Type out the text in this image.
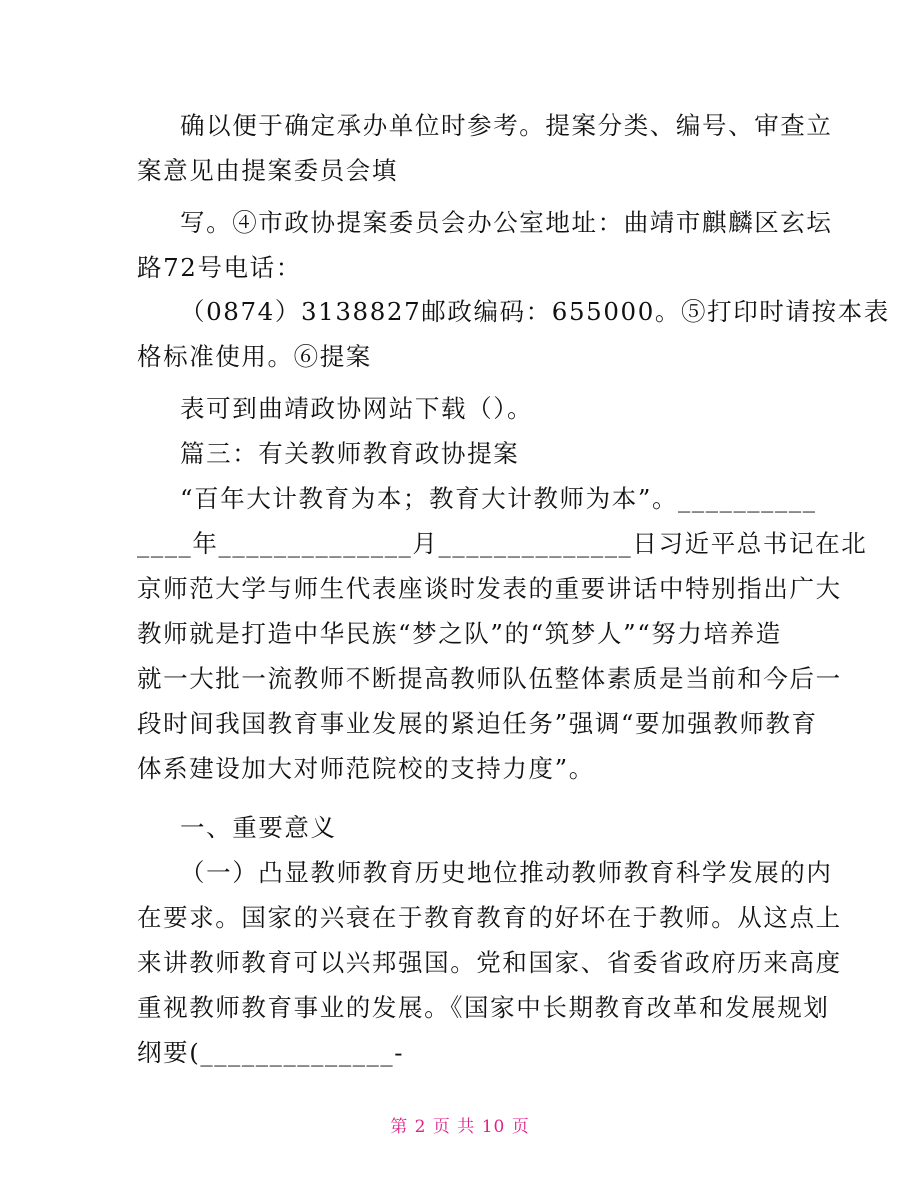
确以便于确定承办单位时参考。提案分类、编号、审查立
案意见由提案委员会填
写。④市政协提案委员会办公室地址：曲靖市麒麟区玄坛
路72号电话：
（0874）3138827邮政编码：655000。⑤打印时请按本表
格标准使用。⑥提案
表可到曲靖政协网站下载（）。
篇三：有关教师教育政协提案
“百年大计教育为本；教育大计教师为本”。__________
____年______________月______________日习近平总书记在北
京师范大学与师生代表座谈时发表的重要讲话中特别指出广大
教师就是打造中华民族“梦之队”的“筑梦人”“努力培养造
就一大批一流教师不断提高教师队伍整体素质是当前和今后一
段时间我国教育事业发展的紧迫任务”强调“要加强教师教育
体系建设加大对师范院校的支持力度”。
一、重要意义
（一）凸显教师教育历史地位推动教师教育科学发展的内
在要求。国家的兴衰在于教育教育的好坏在于教师。从这点上
来讲教师教育可以兴邦强国。党和国家、省委省政府历来高度
重视教师教育事业的发展。《国家中长期教育改革和发展规划
纲要(______________-
第 2 页 共 10 页
